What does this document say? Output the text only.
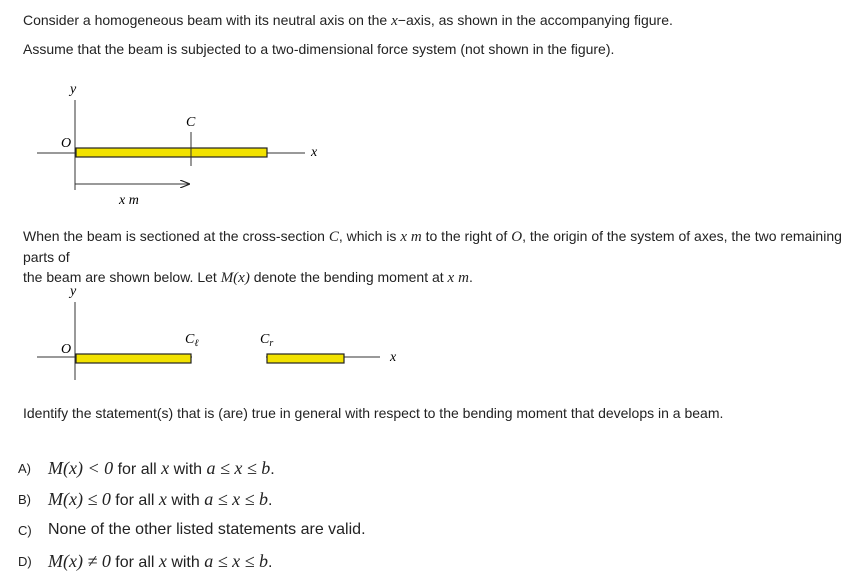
Consider a homogeneous beam with its neutral axis on the x−axis, as shown in the accompanying figure.
Assume that the beam is subjected to a two-dimensional force system (not shown in the figure).
y
O
C
x
x m
y
O
$C_\ell$	$C_r$
x
When the beam is sectioned at the cross-section C, which is x m to the right of O, the origin of the system of axes, the two remaining parts of
the beam are shown below. Let M(x) denote the bending moment at x m.
Identify the statement(s) that is (are) true in general with respect to the bending moment that develops in a beam.
A) M(x) < 0 for all x with a ≤ x ≤ b.
B) M(x) ≤ 0 for all x with a ≤ x ≤ b.
C)	None of the other listed statements are valid.
D) M(x) ≠ 0 for all x with a ≤ x ≤ b.
